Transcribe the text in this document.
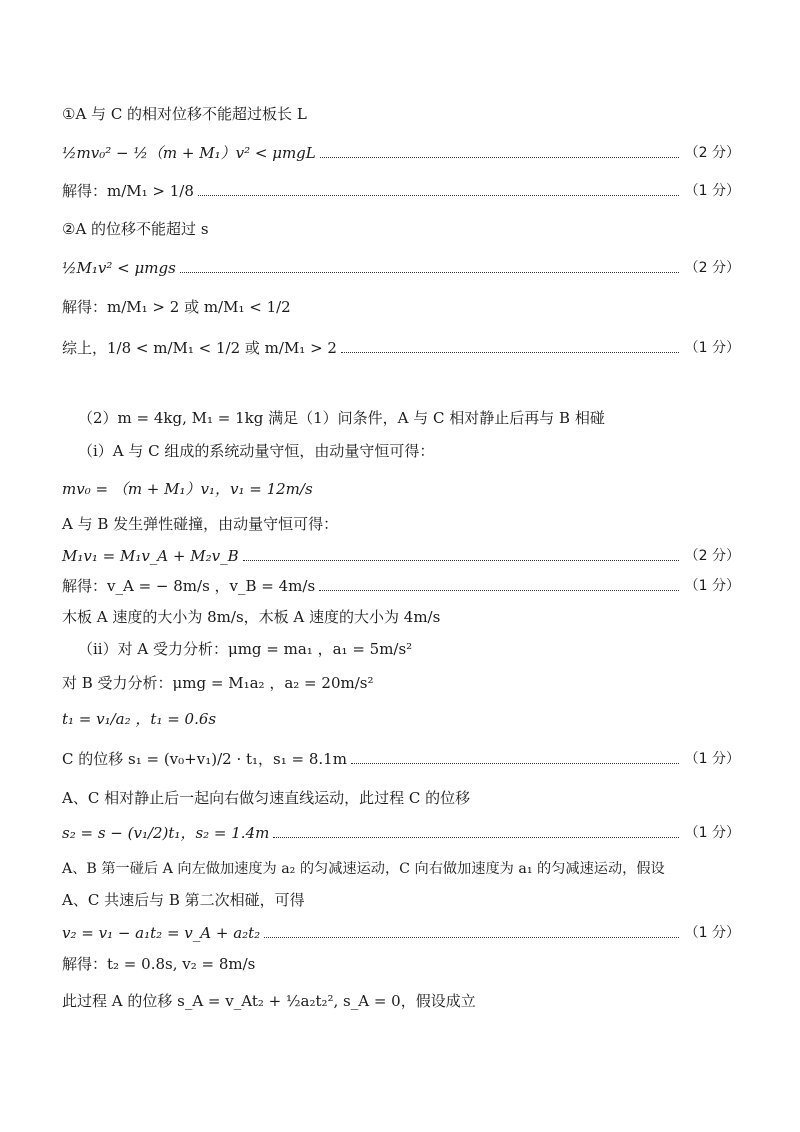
①A 与 C 的相对位移不能超过板长 L
½mv₀² − ½（m + M₁）v² < μmgL	（2 分）
解得：m/M₁ > 1/8	（1 分）
②A 的位移不能超过 s
½M₁v² < μmgs	（2 分）
解得：m/M₁ > 2 或 m/M₁ < 1/2
综上，1/8 < m/M₁ < 1/2 或 m/M₁ > 2	（1 分）
（2）m = 4kg, M₁ = 1kg 满足（1）问条件，A 与 C 相对静止后再与 B 相碰
（i）A 与 C 组成的系统动量守恒，由动量守恒可得：
mv₀ = （m + M₁）v₁，v₁ = 12m/s
A 与 B 发生弹性碰撞，由动量守恒可得：
M₁v₁ = M₁v_A + M₂v_B	（2 分）
解得：v_A = − 8m/s ，v_B = 4m/s	（1 分）
木板 A 速度的大小为 8m/s，木板 A 速度的大小为 4m/s
（ii）对 A 受力分析：μmg = ma₁ ，a₁ = 5m/s²
对 B 受力分析：μmg = M₁a₂ ，a₂ = 20m/s²
t₁ = v₁/a₂ ，t₁ = 0.6s
C 的位移 s₁ = (v₀+v₁)/2 · t₁，s₁ = 8.1m	（1 分）
A、C 相对静止后一起向右做匀速直线运动，此过程 C 的位移
s₂ = s − (v₁/2)t₁，s₂ = 1.4m	（1 分）
A、B 第一碰后 A 向左做加速度为 a₂ 的匀减速运动，C 向右做加速度为 a₁ 的匀减速运动，假设
A、C 共速后与 B 第二次相碰，可得
v₂ = v₁ − a₁t₂ = v_A + a₂t₂	（1 分）
解得：t₂ = 0.8s, v₂ = 8m/s
此过程 A 的位移 s_A = v_At₂ + ½a₂t₂², s_A = 0，假设成立
